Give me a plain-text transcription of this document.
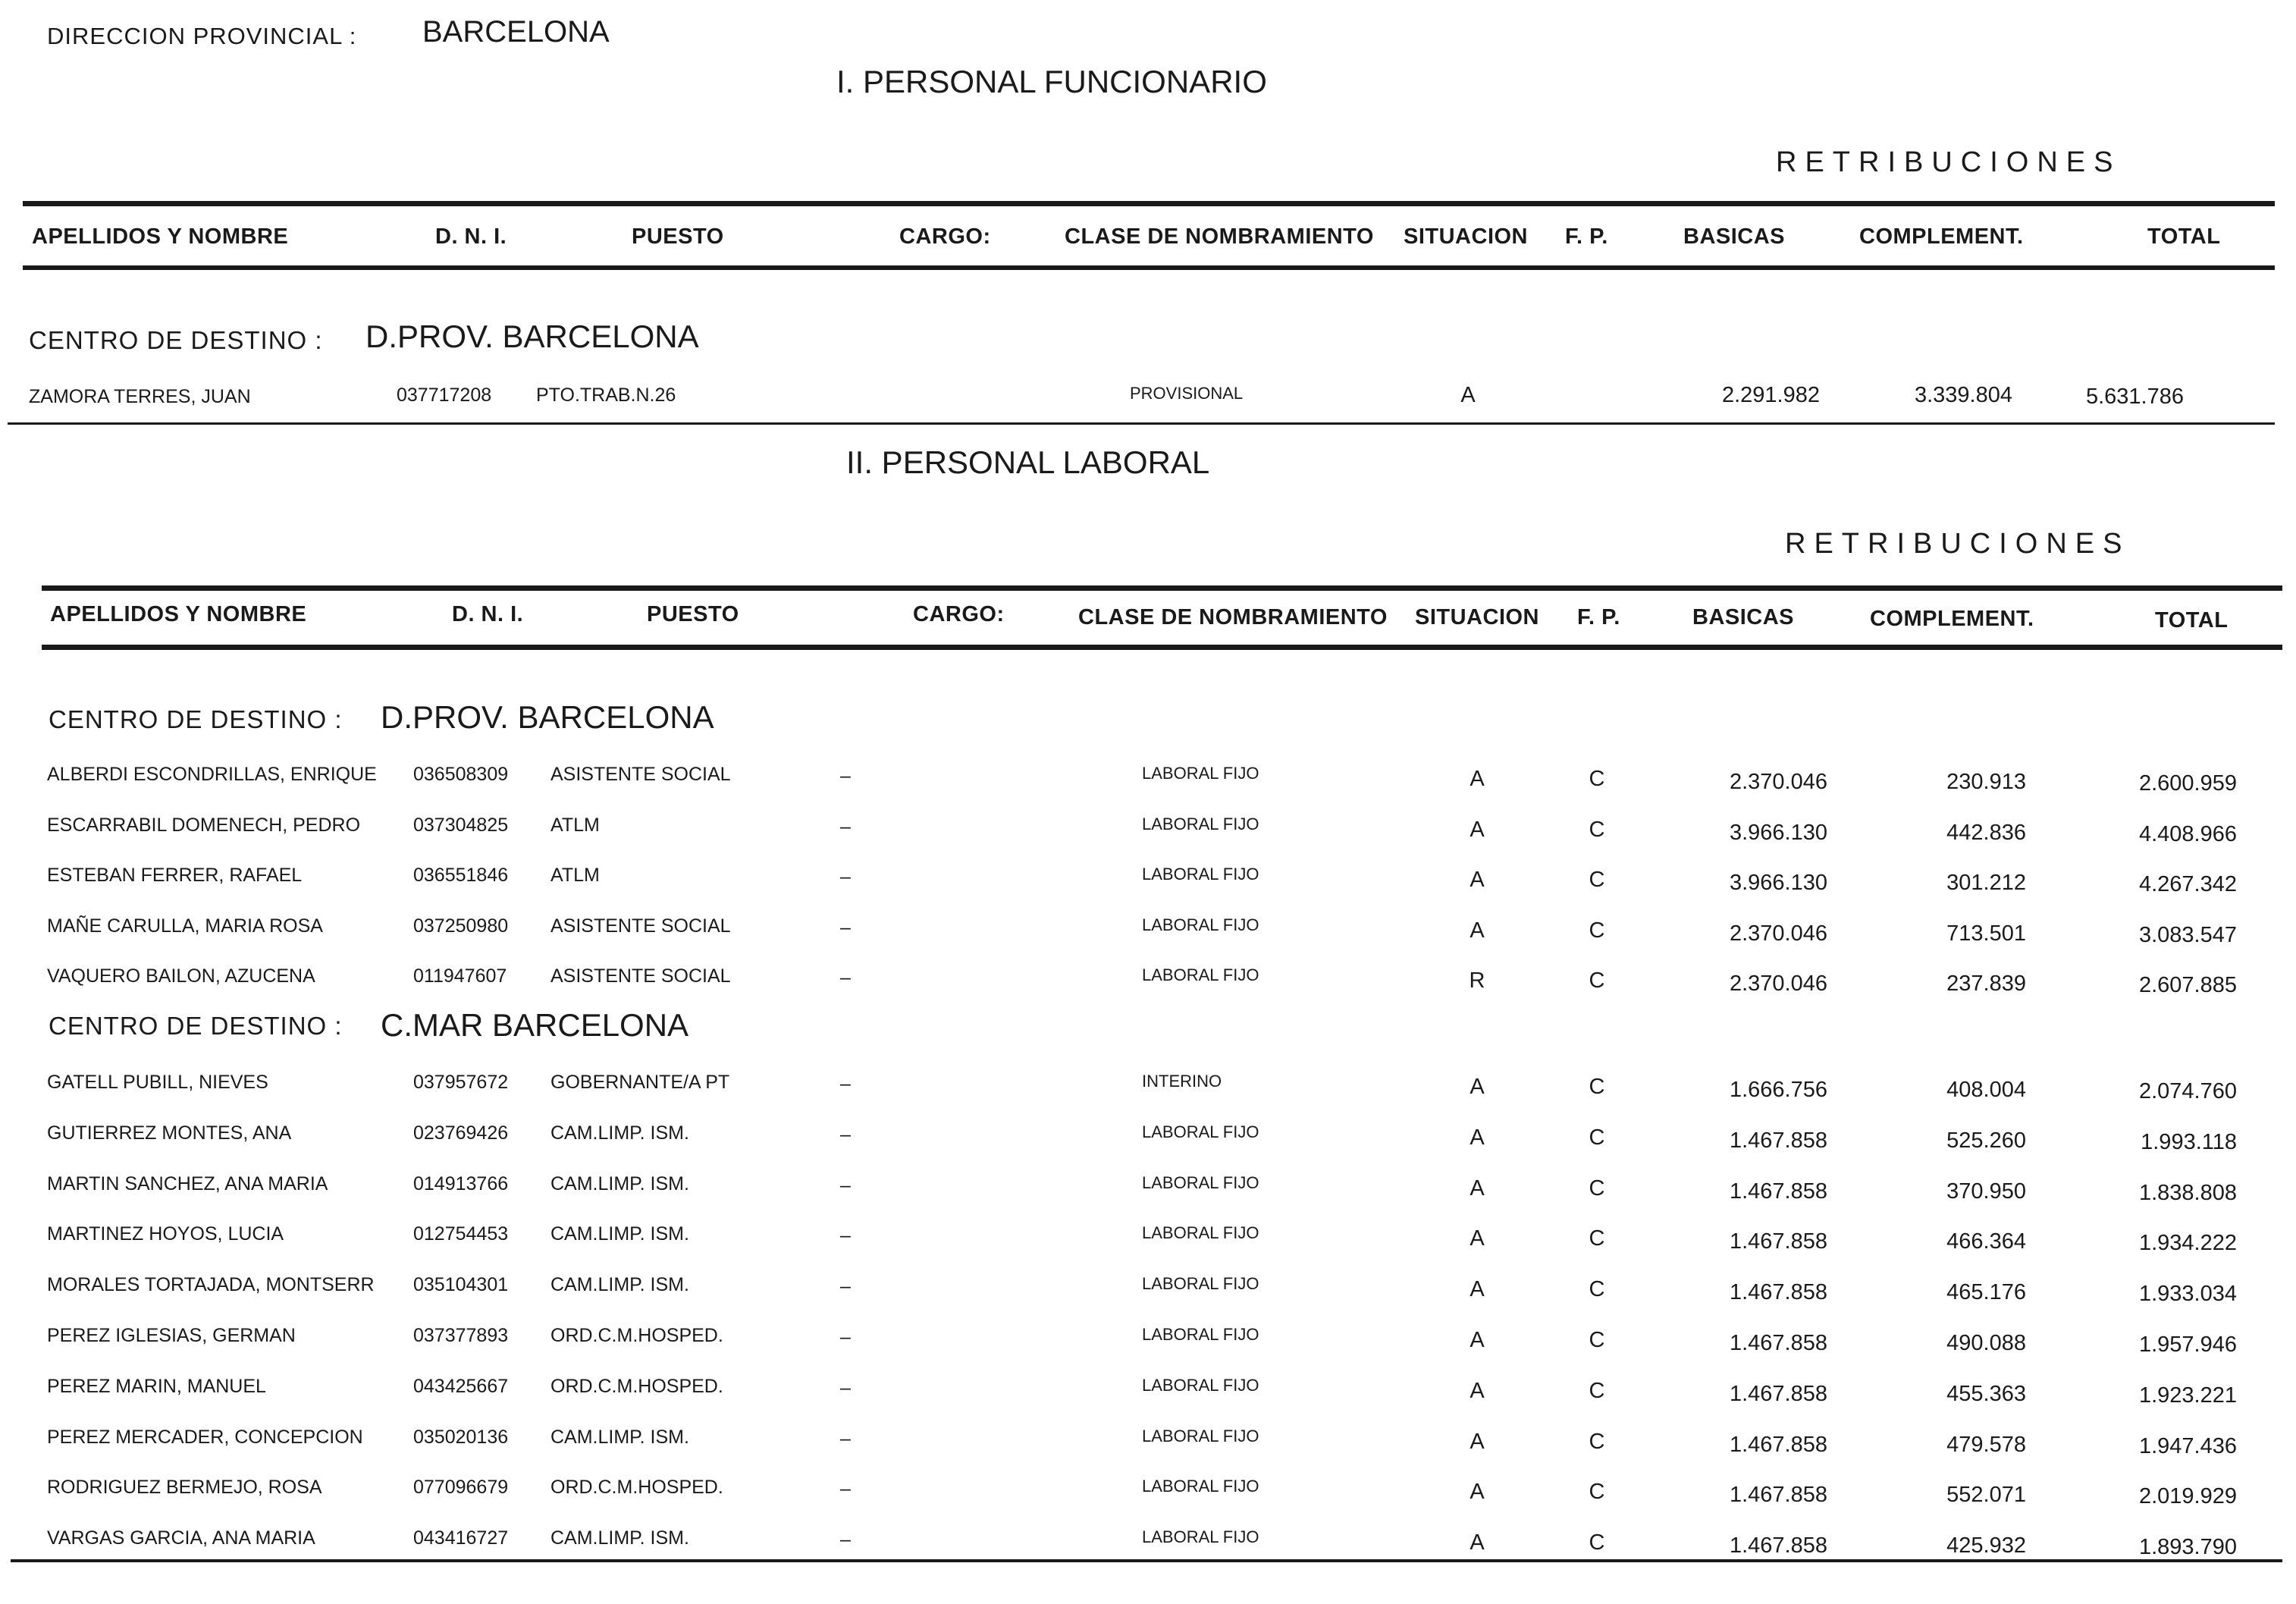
DIRECCION PROVINCIAL : BARCELONA
I. PERSONAL FUNCIONARIO
RETRIBUCIONES
APELLIDOS Y NOMBRE	D. N. I.	PUESTO	CARGO:	CLASE DE NOMBRAMIENTO SITUACION F. P.	BASICAS	COMPLEMENT.	TOTAL
CENTRO DE DESTINO : D.PROV. BARCELONA
ZAMORA TERRES, JUAN	037717208 PTO.TRAB.N.26	PROVISIONAL	A	2.291.982	3.339.804	5.631.786
II. PERSONAL LABORAL
RETRIBUCIONES
APELLIDOS Y NOMBRE	D. N. I.	PUESTO	CARGO:	CLASE DE NOMBRAMIENTO SITUACION F. P.	BASICAS	COMPLEMENT.	TOTAL
CENTRO DE DESTINO : D.PROV. BARCELONA
ALBERDI ESCONDRILLAS, ENRIQUE 036508309 ASISTENTE SOCIAL	–	LABORAL FIJO	A	C	2.370.046	230.913	2.600.959
ESCARRABIL DOMENECH, PEDRO	037304825 ATLM	–	LABORAL FIJO	A	C	3.966.130	442.836	4.408.966
ESTEBAN FERRER, RAFAEL	036551846 ATLM	–	LABORAL FIJO	A	C	3.966.130	301.212	4.267.342
MAÑE CARULLA, MARIA ROSA	037250980 ASISTENTE SOCIAL	–	LABORAL FIJO	A	C	2.370.046	713.501	3.083.547
VAQUERO BAILON, AZUCENA	011947607 ASISTENTE SOCIAL	–	LABORAL FIJO	R	C	2.370.046	237.839	2.607.885
CENTRO DE DESTINO : C.MAR BARCELONA
GATELL PUBILL, NIEVES	037957672 GOBERNANTE/A PT	–	INTERINO	A	C	1.666.756	408.004	2.074.760
GUTIERREZ MONTES, ANA	023769426 CAM.LIMP. ISM.	–	LABORAL FIJO	A	C	1.467.858	525.260	1.993.118
MARTIN SANCHEZ, ANA MARIA	014913766 CAM.LIMP. ISM.	–	LABORAL FIJO	A	C	1.467.858	370.950	1.838.808
MARTINEZ HOYOS, LUCIA	012754453 CAM.LIMP. ISM.	–	LABORAL FIJO	A	C	1.467.858	466.364	1.934.222
MORALES TORTAJADA, MONTSERR 035104301 CAM.LIMP. ISM.	–	LABORAL FIJO	A	C	1.467.858	465.176	1.933.034
PEREZ IGLESIAS, GERMAN	037377893 ORD.C.M.HOSPED.	–	LABORAL FIJO	A	C	1.467.858	490.088	1.957.946
PEREZ MARIN, MANUEL	043425667 ORD.C.M.HOSPED.	–	LABORAL FIJO	A	C	1.467.858	455.363	1.923.221
PEREZ MERCADER, CONCEPCION	035020136 CAM.LIMP. ISM.	–	LABORAL FIJO	A	C	1.467.858	479.578	1.947.436
RODRIGUEZ BERMEJO, ROSA	077096679 ORD.C.M.HOSPED.	–	LABORAL FIJO	A	C	1.467.858	552.071	2.019.929
VARGAS GARCIA, ANA MARIA	043416727 CAM.LIMP. ISM.	–	LABORAL FIJO	A	C	1.467.858	425.932	1.893.790
